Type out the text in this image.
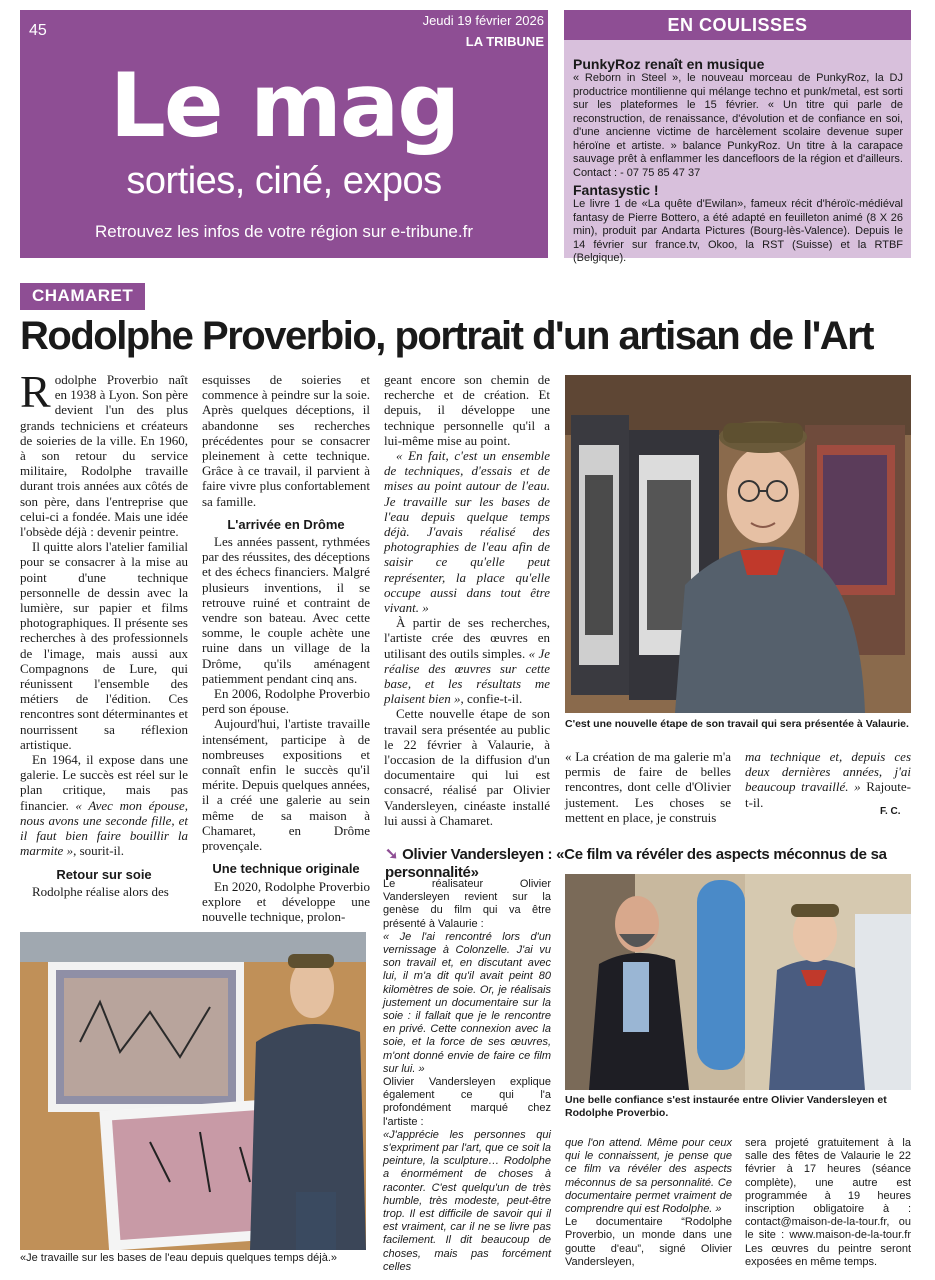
45
Jeudi 19 février 2026
LA TRIBUNE
Le mag
sorties, ciné, expos
Retrouvez les infos de votre région sur e-tribune.fr
EN COULISSES
PunkyRoz renaît en musique

« Reborn in Steel », le nouveau morceau de PunkyRoz, la DJ productrice montilienne qui mélange techno et punk/metal, est sorti sur les plateformes le 15 février. « Un titre qui parle de reconstruction, de renaissance, d'évolution et de confiance en soi, d'une ancienne victime de harcèlement scolaire devenue super héroïne et artiste. » balance PunkyRoz. Un titre à la carapace sauvage prêt à enflammer les dancefloors de la région et d'ailleurs. Contact : - 07 75 85 47 37

Fantasystic !

Le livre 1 de «La quête d'Ewilan», fameux récit d'héroïc-médiéval fantasy de Pierre Bottero, a été adapté en feuilleton animé (8 X 26 min), produit par Andarta Pictures (Bourg-lès-Valence). Depuis le 14 février sur france.tv, Okoo, la RST (Suisse) et la RTBF (Belgique).

CHAMARET
Rodolphe Proverbio, portrait d'un artisan de l'Art

Rodolphe Proverbio naît en 1938 à Lyon. Son père devient l'un des plus grands techniciens et créateurs de soieries de la ville. En 1960, à son retour du service militaire, Rodolphe travaille durant trois années aux côtés de son père, dans l'entreprise que celui-ci a fondée. Mais une idée l'obsède déjà : devenir peintre.

Il quitte alors l'atelier familial pour se consacrer à la mise au point d'une technique personnelle de dessin avec la lumière, sur papier et films photographiques. Il présente ses recherches à des professionnels de l'image, mais aussi aux Compagnons de Lure, qui réunissent l'ensemble des métiers de l'édition. Ces rencontres sont déterminantes et nourrissent sa réflexion artistique.

En 1964, il expose dans une galerie. Le succès est réel sur le plan critique, mais pas financier. « Avec mon épouse, nous avons une seconde fille, et il faut bien faire bouillir la marmite », sourit-il.

Retour sur soie

Rodolphe réalise alors des

esquisses de soieries et commence à peindre sur la soie. Après quelques déceptions, il abandonne ses recherches précédentes pour se consacrer pleinement à cette technique. Grâce à ce travail, il parvient à faire vivre plus confortablement sa famille.

L'arrivée en Drôme

Les années passent, rythmées par des réussites, des déceptions et des échecs financiers. Malgré plusieurs inventions, il se retrouve ruiné et contraint de vendre son bateau. Avec cette somme, le couple achète une ruine dans un village de la Drôme, qu'ils aménagent patiemment pendant cinq ans.

En 2006, Rodolphe Proverbio perd son épouse.

Aujourd'hui, l'artiste travaille intensément, participe à de nombreuses expositions et connaît enfin le succès qu'il mérite. Depuis quelques années, il a créé une galerie au sein même de sa maison à Chamaret, en Drôme provençale.

Une technique originale

En 2020, Rodolphe Proverbio explore et développe une nouvelle technique, prolon-

geant encore son chemin de recherche et de création. Et depuis, il développe une technique personnelle qu'il a lui-même mise au point.

« En fait, c'est un ensemble de techniques, d'essais et de mises au point autour de l'eau. Je travaille sur les bases de l'eau depuis quelque temps déjà. J'avais réalisé des photographies de l'eau afin de saisir ce qu'elle peut représenter, la place qu'elle occupe aussi dans tout être vivant. »

À partir de ses recherches, l'artiste crée des œuvres en utilisant des outils simples. « Je réalise des œuvres sur cette base, et les résultats me plaisent bien », confie-t-il.

Cette nouvelle étape de son travail sera présentée au public le 22 février à Valaurie, à l'occasion de la diffusion d'un documentaire qui lui est consacré, réalisé par Olivier Vandersleyen, cinéaste installé lui aussi à Chamaret.

C'est une nouvelle étape de son travail qui sera présentée à Valaurie.
« La création de ma galerie m'a permis de faire de belles rencontres, dont celle d'Olivier justement. Les choses se mettent en place, je construis
ma technique et, depuis ces deux dernières années, j'ai beaucoup travaillé. » Rajoute-t-il.
F. C.
«Je travaille sur les bases de l'eau depuis quelques temps déjà.»
➘ Olivier Vandersleyen : «Ce film va révéler des aspects méconnus de sa personnalité»

Le réalisateur Olivier Vandersleyen revient sur la genèse du film qui va être présenté à Valaurie :

« Je l'ai rencontré lors d'un vernissage à Colonzelle. J'ai vu son travail et, en discutant avec lui, il m'a dit qu'il avait peint 80 kilomètres de soie. Or, je réalisais justement un documentaire sur la soie : il fallait que je le rencontre en privé. Cette connexion avec la soie, et la force de ses œuvres, m'ont donné envie de faire ce film sur lui. »

Olivier Vandersleyen explique également ce qui l'a profondément marqué chez l'artiste :

«J'apprécie les personnes qui s'expriment par l'art, que ce soit la peinture, la sculpture… Rodolphe a énormément de choses à raconter. C'est quelqu'un de très humble, très modeste, peut-être trop. Il est difficile de savoir qui il est vraiment, car il ne se livre pas facilement. Il dit beaucoup de choses, mais pas forcément celles

Une belle confiance s'est instaurée entre Olivier Vandersleyen et Rodolphe Proverbio.

que l'on attend. Même pour ceux qui le connaissent, je pense que ce film va révéler des aspects méconnus de sa personnalité. Ce documentaire permet vraiment de comprendre qui est Rodolphe. »

Le documentaire “Rodolphe Proverbio, un monde dans une goutte d'eau”, signé Olivier Vandersleyen,

sera projeté gratuitement à la salle des fêtes de Valaurie le 22 février à 17 heures (séance complète), une autre est programmée à 19 heures inscription obligatoire à : contact@maison-de-la-tour.fr, ou le site : www.maison-de-la-tour.fr Les œuvres du peintre seront exposées en même temps.
